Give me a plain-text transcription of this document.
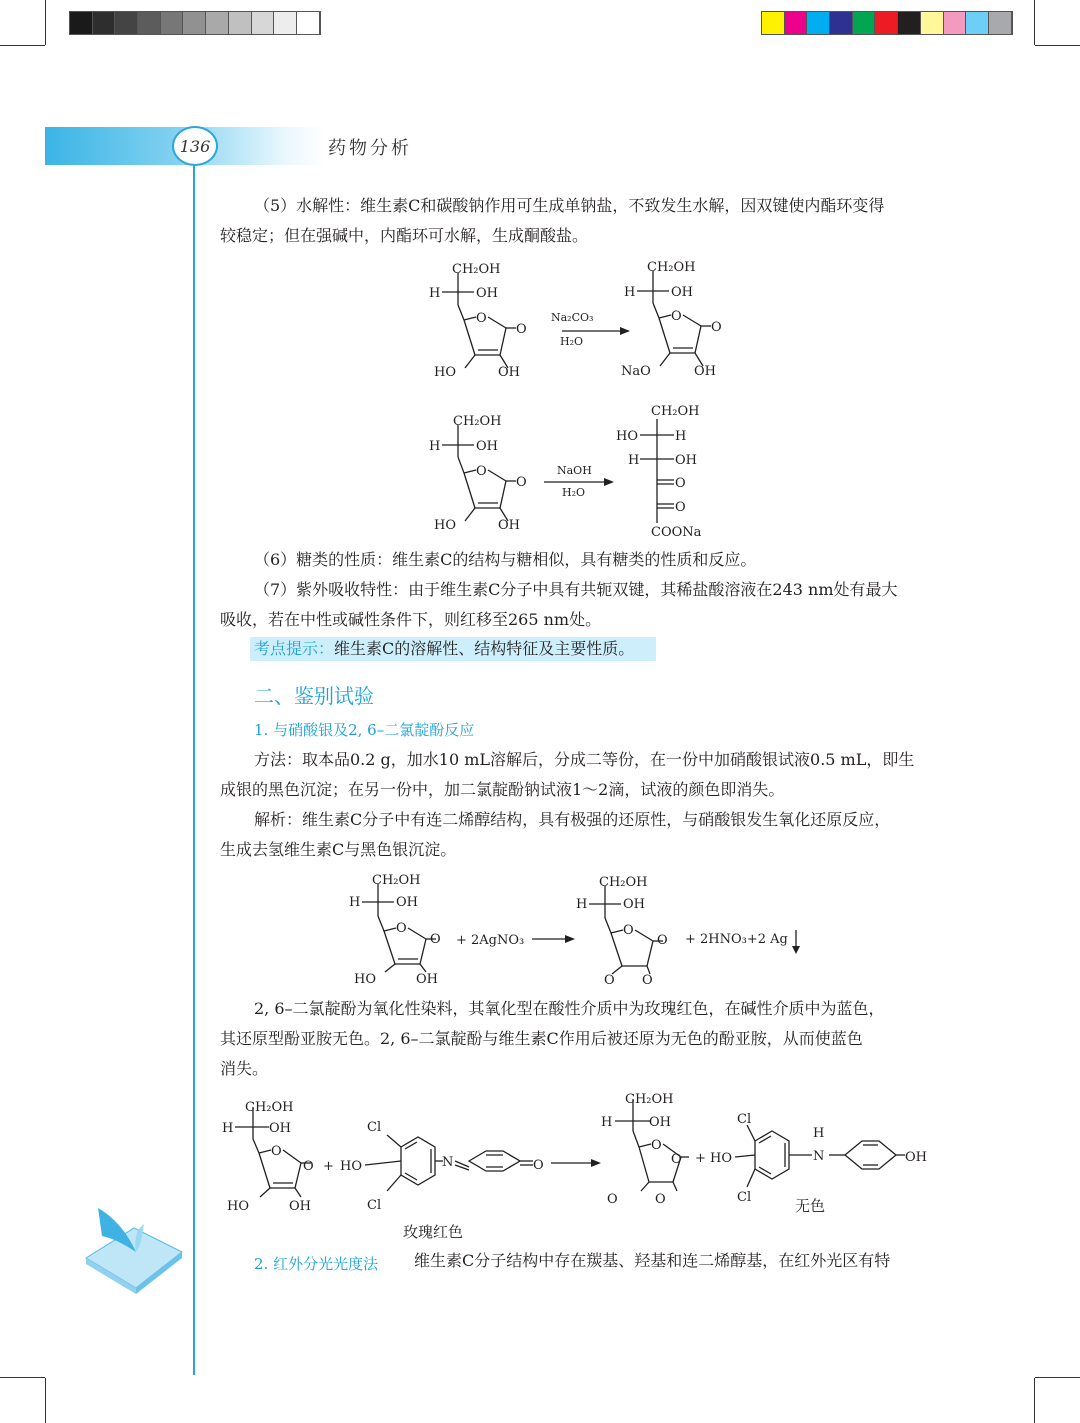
136	药物分析
（5）水解性：维生素C和碳酸钠作用可生成单钠盐，不致发生水解，因双键使内酯环变得
较稳定；但在强碱中，内酯环可水解，生成酮酸盐。
CH₂OH
H	OH
O
O
HO	OH
Na₂CO₃
H₂O
CH₂OH
H	OH
O
O
NaO	OH
CH₂OH
H	OH
O
O
HO	OH
NaOH
H₂O
CH₂OH
HO	H
H	OH
O
O
COONa
（6）糖类的性质：维生素C的结构与糖相似，具有糖类的性质和反应。
（7）紫外吸收特性：由于维生素C分子中具有共轭双键，其稀盐酸溶液在243 nm处有最大
吸收，若在中性或碱性条件下，则红移至265 nm处。
考点提示：维生素C的溶解性、结构特征及主要性质。
二、鉴别试验
1. 与硝酸银及2, 6–二氯靛酚反应
方法：取本品0.2 g，加水10 mL溶解后，分成二等份，在一份中加硝酸银试液0.5 mL，即生
成银的黑色沉淀；在另一份中，加二氯靛酚钠试液1～2滴，试液的颜色即消失。
解析：维生素C分子中有连二烯醇结构，具有极强的还原性，与硝酸银发生氧化还原反应，
生成去氢维生素C与黑色银沉淀。
CH₂OH
H	OH
O
O
HO	OH
+ 2AgNO₃
CH₂OH
H	OH
O
O
O O
+ 2HNO₃+2 Ag
2, 6–二氯靛酚为氧化性染料，其氧化型在酸性介质中为玫瑰红色，在碱性介质中为蓝色，
其还原型酚亚胺无色。2, 6–二氯靛酚与维生素C作用后被还原为无色的酚亚胺，从而使蓝色
消失。
CH₂OH
H	OH
O
O
HO	OH
+ HO
Cl
Cl
N	O
玫瑰红色
CH₂OH
H	OH
O
O
O	O
+ HO
Cl
Cl
H
N	OH
无色
2. 红外分光光度法 维生素C分子结构中存在羰基、羟基和连二烯醇基，在红外光区有特
